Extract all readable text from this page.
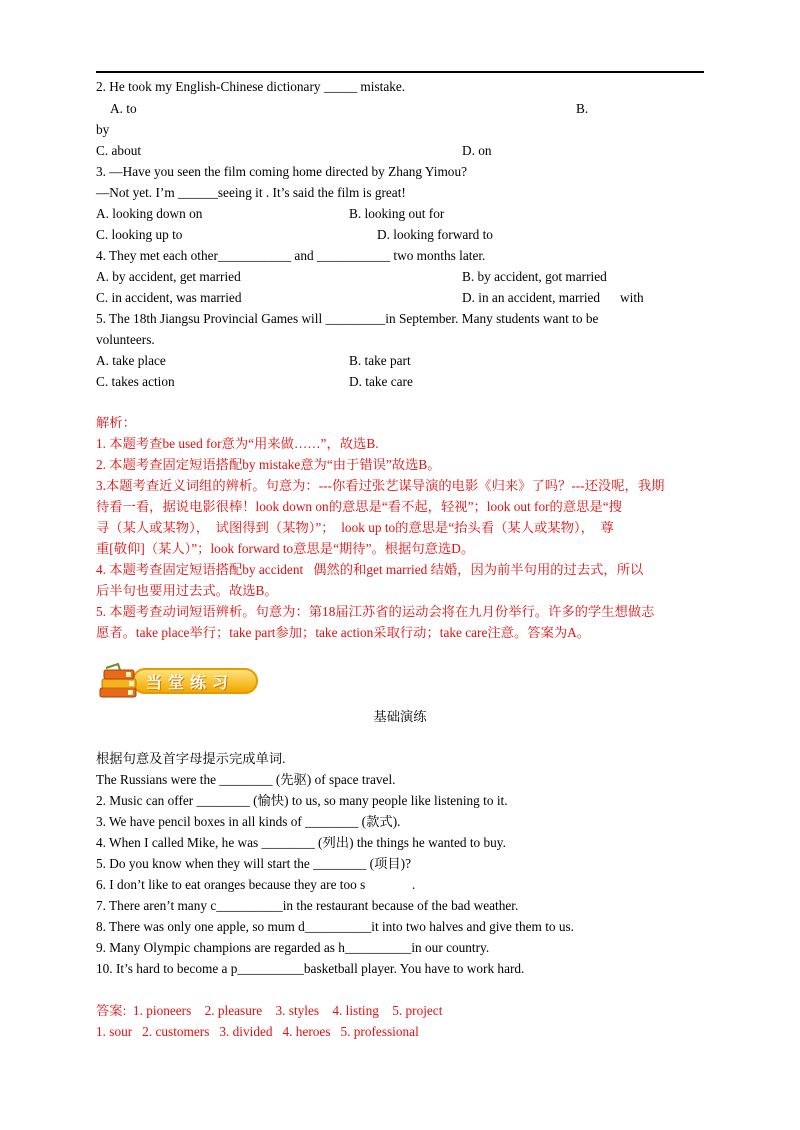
2. He took my English-Chinese dictionary _____ mistake.
A. to	B.
by
C. about	D. on
3. —Have you seen the film coming home directed by Zhang Yimou?
—Not yet. I’m ______seeing it . It’s said the film is great!
A. looking down on	B. looking out for
C. looking up to	D. looking forward to
4. They met each other___________ and ___________ two months later.
A. by accident, get married	B. by accident, got married
C. in accident, was married	D. in an accident, married      with
5. The 18th Jiangsu Provincial Games will _________in September. Many students want to be
volunteers.
A. take place	B. take part
C. takes action	D. take care
解析：
1. 本题考查be used for意为“用来做……”，故选B.
2. 本题考查固定短语搭配by mistake意为“由于错误”故选B。
3.本题考查近义词组的辨析。句意为：---你看过张艺谋导演的电影《归来》了吗？---还没呢，我期
待看一看，据说电影很棒！look down on的意思是“看不起，轻视”；look out for的意思是“搜
寻（某人或某物），  试图得到（某物）”；  look up to的意思是“抬头看（某人或某物），  尊
重[敬仰]（某人）”；look forward to意思是“期待”。根据句意选D。
4. 本题考查固定短语搭配by accident   偶然的和get married 结婚，因为前半句用的过去式，所以
后半句也要用过去式。故选B。
5. 本题考查动词短语辨析。句意为：第18届江苏省的运动会将在九月份举行。许多的学生想做志
愿者。take place举行；take part参加；take action采取行动；take care注意。答案为A。
当堂练习
基础演练
根据句意及首字母提示完成单词.
The Russians were the ________ (先驱) of space travel.
2. Music can offer ________ (愉快) to us, so many people like listening to it.
3. We have pencil boxes in all kinds of ________ (款式).
4. When I called Mike, he was ________ (列出) the things he wanted to buy.
5. Do you know when they will start the ________ (项目)?
6. I don’t like to eat oranges because they are too s              .
7. There aren’t many c__________in the restaurant because of the bad weather.
8. There was only one apple, so mum d__________it into two halves and give them to us.
9. Many Olympic champions are regarded as h__________in our country.
10. It’s hard to become a p__________basketball player. You have to work hard.
答案:  1. pioneers    2. pleasure    3. styles    4. listing    5. project
1. sour   2. customers   3. divided   4. heroes   5. professional
